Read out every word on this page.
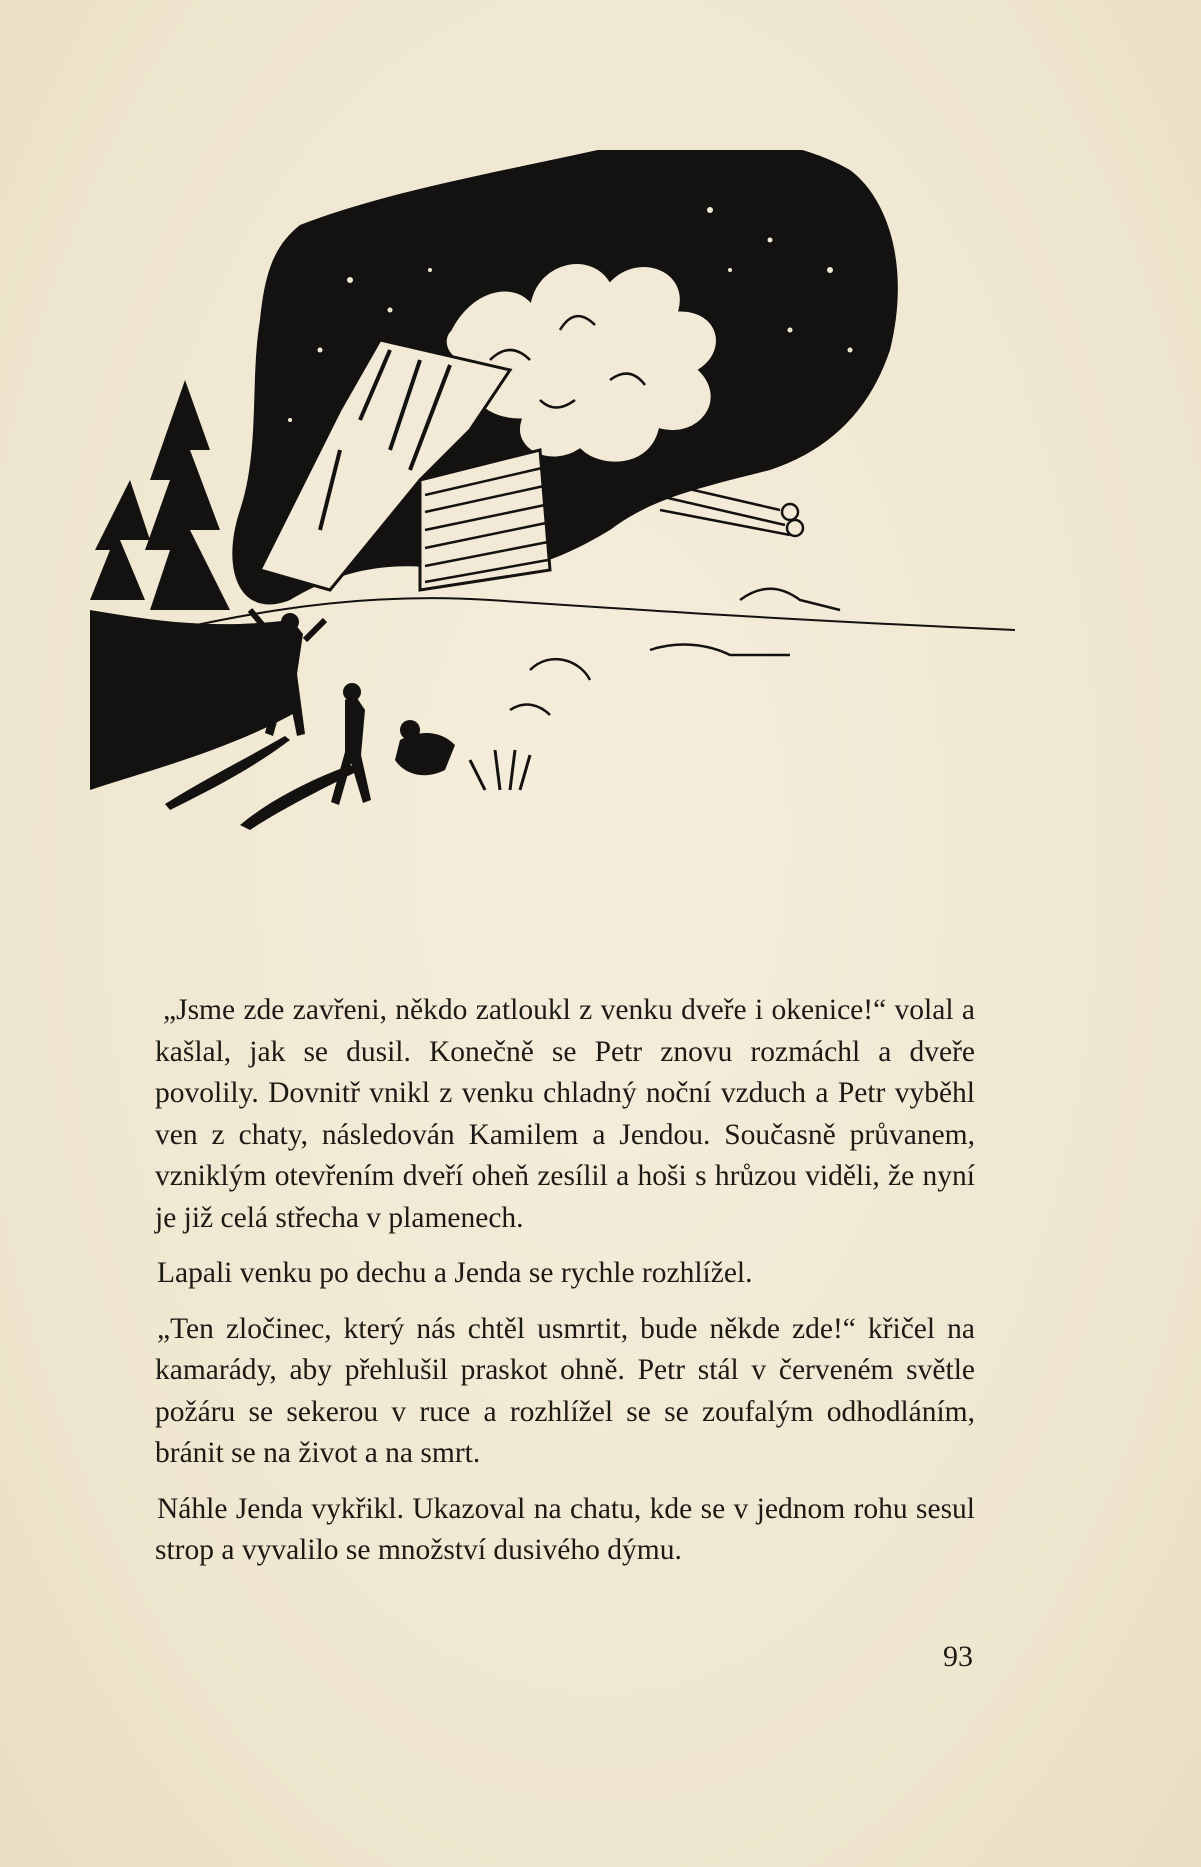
„Jsme zde zavřeni, někdo zatloukl z venku dveře i okenice!“ volal a kašlal, jak se dusil. Konečně se Petr znovu rozmáchl a dveře povolily. Dovnitř vnikl z venku chladný noční vzduch a Petr vyběhl ven z chaty, následován Kamilem a Jendou. Současně průvanem, vzniklým otevřením dveří oheň zesílil a hoši s hrůzou viděli, že nyní je již celá střecha v plamenech.

Lapali venku po dechu a Jenda se rychle rozhlížel.

„Ten zločinec, který nás chtěl usmrtit, bude někde zde!“ křičel na kamarády, aby přehlušil praskot ohně. Petr stál v červeném světle požáru se sekerou v ruce a rozhlížel se se zoufalým odhodláním, bránit se na život a na smrt.

Náhle Jenda vykřikl. Ukazoval na chatu, kde se v jednom rohu sesul strop a vyvalilo se množství dusivého dýmu.

93
